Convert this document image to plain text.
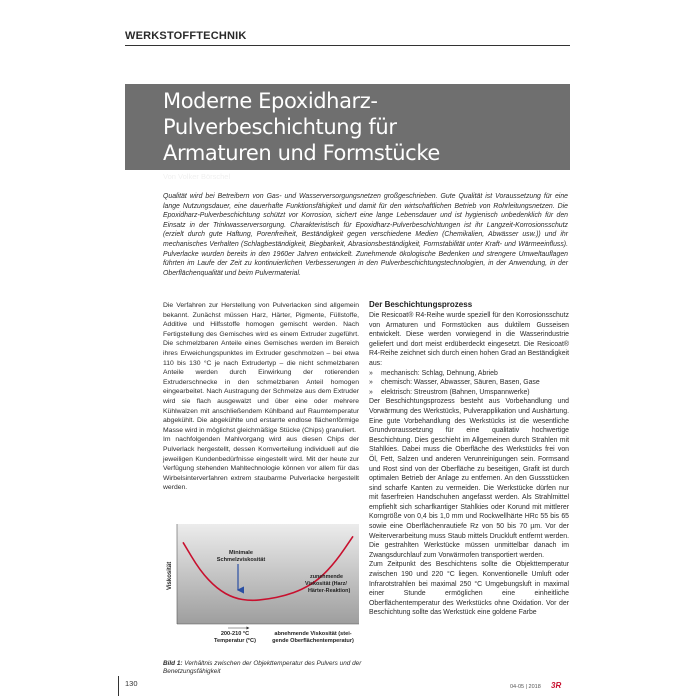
WERKSTOFFTECHNIK
Moderne Epoxidharz-Pulverbeschichtung für
Armaturen und Formstücke
Von Volker Börschel
Qualität wird bei Betreibern von Gas- und Wasserversorgungsnetzen großgeschrieben. Gute Qualität ist Voraussetzung für eine lange Nutzungsdauer, eine dauerhafte Funktionsfähigkeit und damit für den wirtschaftlichen Betrieb von Rohrleitungsnetzen. Die Epoxidharz-Pulverbeschichtung schützt vor Korrosion, sichert eine lange Lebensdauer und ist hygienisch unbedenklich für den Einsatz in der Trinkwasserversorgung. Charakteristisch für Epoxidharz-Pulverbeschichtungen ist ihr Langzeit-Korrosionsschutz (erzielt durch gute Haftung, Porenfreiheit, Beständigkeit gegen verschiedene Medien (Chemikalien, Abwässer usw.)) und ihr mechanisches Verhalten (Schlagbeständigkeit, Biegbarkeit, Abrasionsbeständigkeit, Formstabilität unter Kraft- und Wärmeeinfluss). Pulverlacke wurden bereits in den 1960er Jahren entwickelt. Zunehmende ökologische Bedenken und strengere Umweltauflagen führten im Laufe der Zeit zu kontinuierlichen Verbesserungen in den Pulverbeschichtungstechnologien, in der Anwendung, in der Oberflächenqualität und beim Pulvermaterial.

Die Verfahren zur Herstellung von Pulverlacken sind allgemein bekannt. Zunächst müssen Harz, Härter, Pigmente, Füllstoffe, Additive und Hilfsstoffe homogen gemischt werden. Nach Fertigstellung des Gemisches wird es einem Extruder zugeführt. Die schmelzbaren Anteile eines Gemisches werden im Bereich ihres Erweichungspunktes im Extruder geschmolzen – bei etwa 110 bis 130 °C je nach Extrudertyp – die nicht schmelzbaren Anteile werden durch Einwirkung der rotierenden Extruderschnecke in den schmelzbaren Anteil homogen eingearbeitet. Nach Austragung der Schmelze aus dem Extruder wird sie flach ausgewalzt und über eine oder mehrere Kühlwalzen mit anschließendem Kühlband auf Raumtemperatur abgekühlt. Die abgekühlte und erstarrte endlose flächenförmige Masse wird in möglichst gleichmäßige Stücke (Chips) granuliert.

Im nachfolgenden Mahlvorgang wird aus diesen Chips der Pulverlack hergestellt, dessen Kornverteilung individuell auf die jeweiligen Kundenbedürfnisse eingestellt wird. Mit der heute zur Verfügung stehenden Mahltechnologie können vor allem für das Wirbelsinterverfahren extrem staubarme Pulverlacke hergestellt werden.

Viskosität
Minimale
Schmelzviskosität
zunehmende
Viskosität (Harz/
Härter-Reaktion)
200-210 °C
Temperatur (°C)
abnehmende Viskosität (stei-
gende Oberflächentemperatur)
Bild 1: Verhältnis zwischen der Objekttemperatur des Pulvers und der Benetzungsfähigkeit
Der Beschichtungsprozess

Die Resicoat® R4-Reihe wurde speziell für den Korrosionsschutz von Armaturen und Formstücken aus duktilem Gusseisen entwickelt. Diese werden vorwiegend in die Wasserindustrie geliefert und dort meist erdüberdeckt eingesetzt. Die Resicoat® R4-Reihe zeichnet sich durch einen hohen Grad an Beständigkeit aus:

» mechanisch: Schlag, Dehnung, Abrieb
» chemisch: Wasser, Abwasser, Säuren, Basen, Gase
» elektrisch: Streustrom (Bahnen, Umspannwerke)

Der Beschichtungsprozess besteht aus Vorbehandlung und Vorwärmung des Werkstücks, Pulverapplikation und Aushärtung. Eine gute Vorbehandlung des Werkstücks ist die wesentliche Grundvoraussetzung für eine qualitativ hochwertige Beschichtung. Dies geschieht im Allgemeinen durch Strahlen mit Stahlkies. Dabei muss die Oberfläche des Werkstücks frei von Öl, Fett, Salzen und anderen Verunreinigungen sein. Formsand und Rost sind von der Oberfläche zu beseitigen, Grafit ist durch optimalen Betrieb der Anlage zu entfernen. An den Gussstücken sind scharfe Kanten zu vermeiden. Die Werkstücke dürfen nur mit faserfreien Handschuhen angefasst werden. Als Strahlmittel empfiehlt sich scharfkantiger Stahlkies oder Korund mit mittlerer Korngröße von 0,4 bis 1,0 mm und Rockwellhärte HRc 55 bis 65 sowie eine Oberflächenrautiefe Rz von 50 bis 70 µm. Vor der Weiterverarbeitung muss Staub mittels Druckluft entfernt werden. Die gestrahlten Werkstücke müssen unmittelbar danach im Zwangsdurchlauf zum Vorwärmofen transportiert werden.

Zum Zeitpunkt des Beschichtens sollte die Objekttemperatur zwischen 190 und 220 °C liegen. Konventionelle Umluft oder Infrarotstrahlen bei maximal 250 °C Umgebungsluft in maximal einer Stunde ermöglichen eine einheitliche Oberflächentemperatur des Werkstücks ohne Oxidation. Vor der Beschichtung sollte das Werkstück eine goldene Farbe

130	04-05 | 2018 3R
